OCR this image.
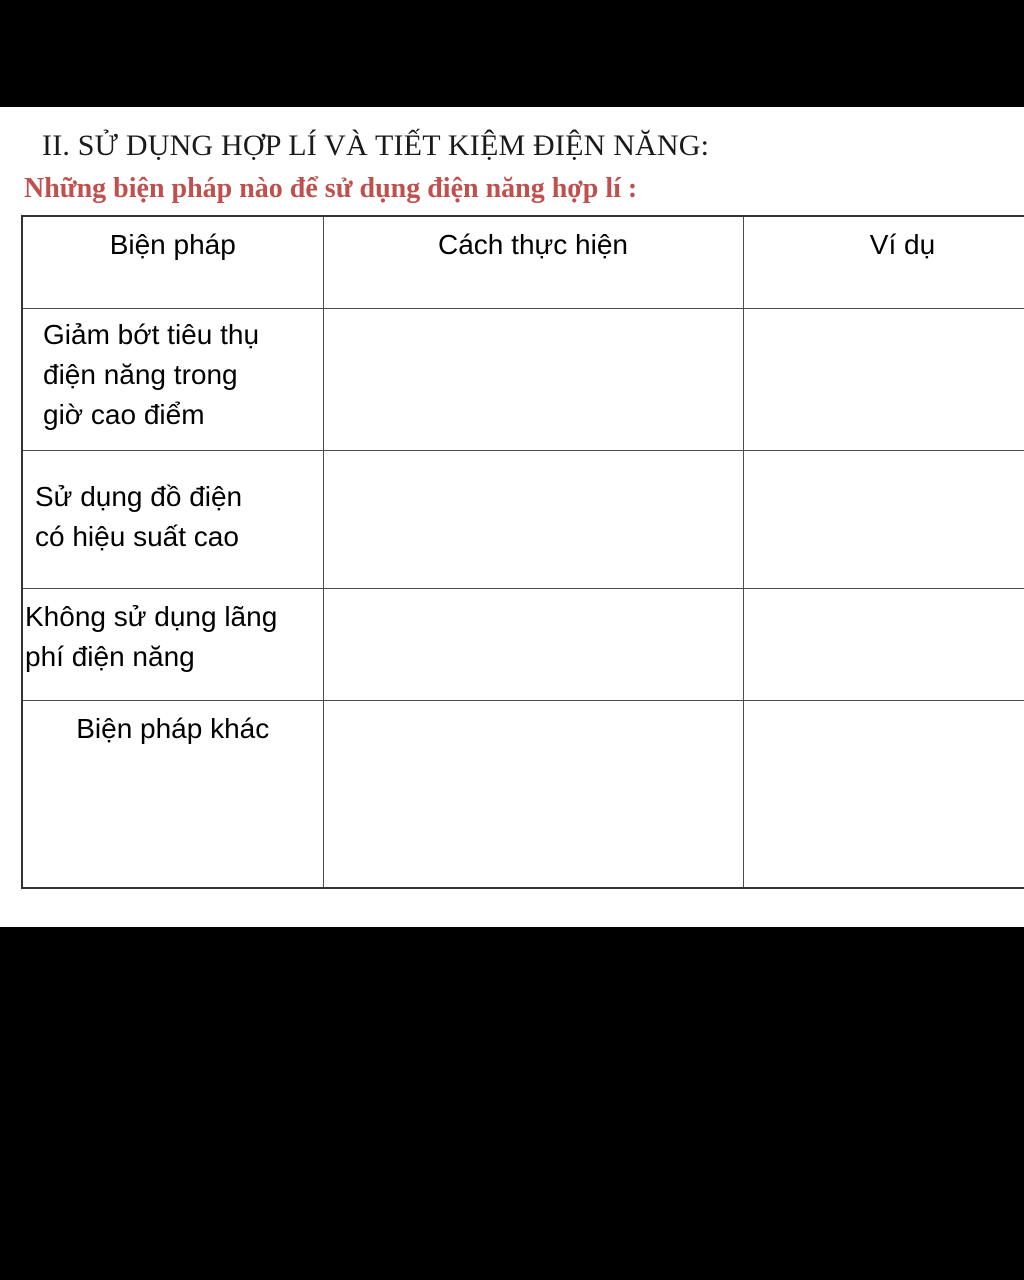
II. SỬ DỤNG HỢP LÍ VÀ TIẾT KIỆM ĐIỆN NĂNG:
Những biện pháp nào để sử dụng điện năng hợp lí :
Biện pháp	Cách thực hiện	Ví dụ

Giảm bớt tiêu thụ
điện năng trong
giờ cao điểm		

Sử dụng đồ điện
có hiệu suất cao		

Không sử dụng lãng
phí điện năng		

Biện pháp khác		
